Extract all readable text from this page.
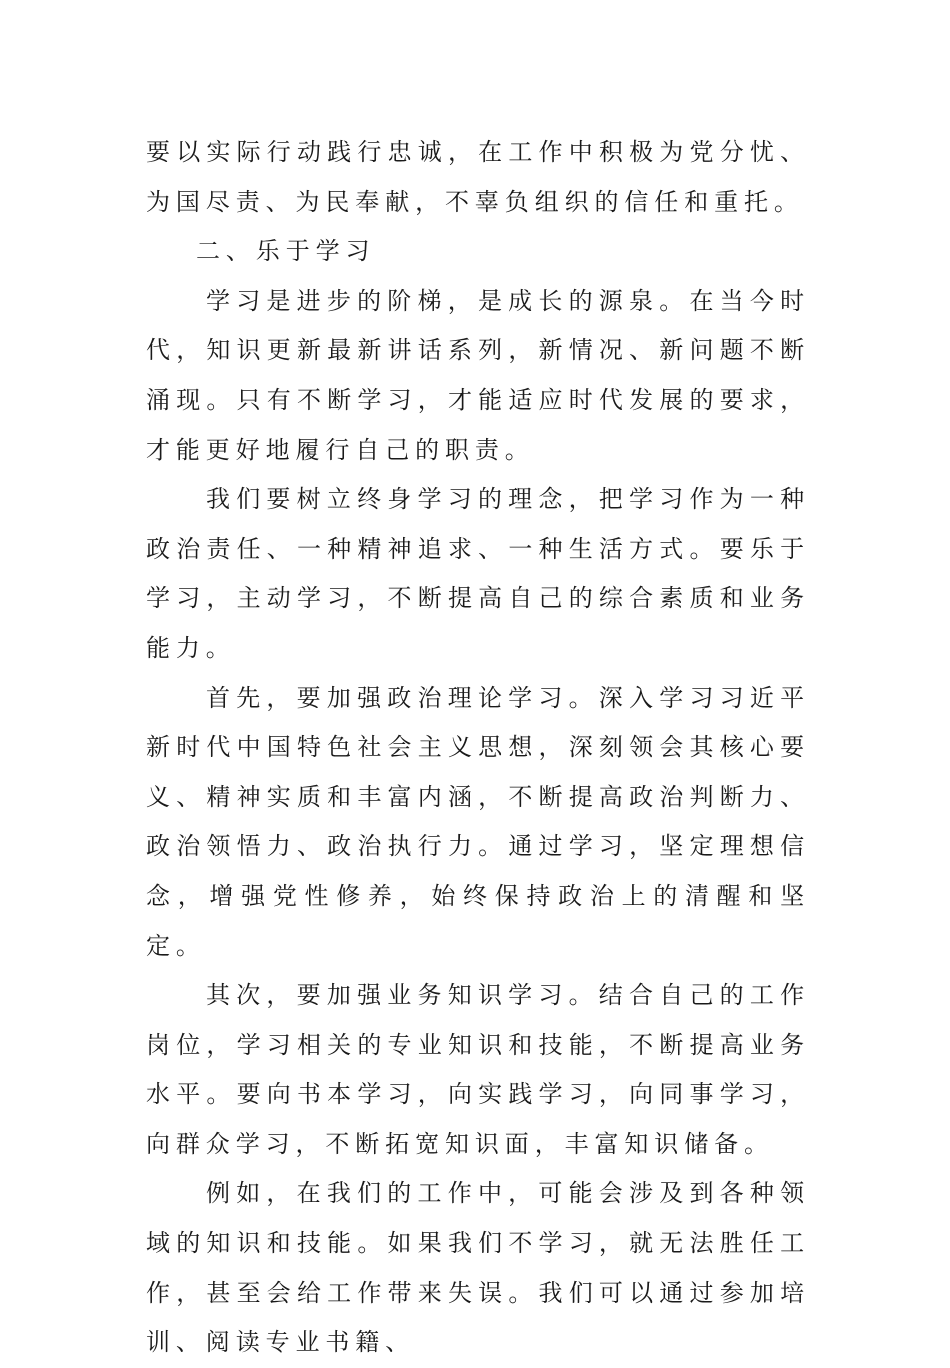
要以实际行动践行忠诚，在工作中积极为党分忧、为国尽责、为民奉献，不辜负组织的信任和重托。

二、乐于学习

学习是进步的阶梯，是成长的源泉。在当今时代，知识更新最新讲话系列，新情况、新问题不断涌现。只有不断学习，才能适应时代发展的要求，才能更好地履行自己的职责。

我们要树立终身学习的理念，把学习作为一种政治责任、一种精神追求、一种生活方式。要乐于学习，主动学习，不断提高自己的综合素质和业务能力。

首先，要加强政治理论学习。深入学习习近平新时代中国特色社会主义思想，深刻领会其核心要义、精神实质和丰富内涵，不断提高政治判断力、政治领悟力、政治执行力。通过学习，坚定理想信念，增强党性修养，始终保持政治上的清醒和坚定。

其次，要加强业务知识学习。结合自己的工作岗位，学习相关的专业知识和技能，不断提高业务水平。要向书本学习，向实践学习，向同事学习，向群众学习，不断拓宽知识面，丰富知识储备。

例如，在我们的工作中，可能会涉及到各种领域的知识和技能。如果我们不学习，就无法胜任工作，甚至会给工作带来失误。我们可以通过参加培训、阅读专业书籍、
